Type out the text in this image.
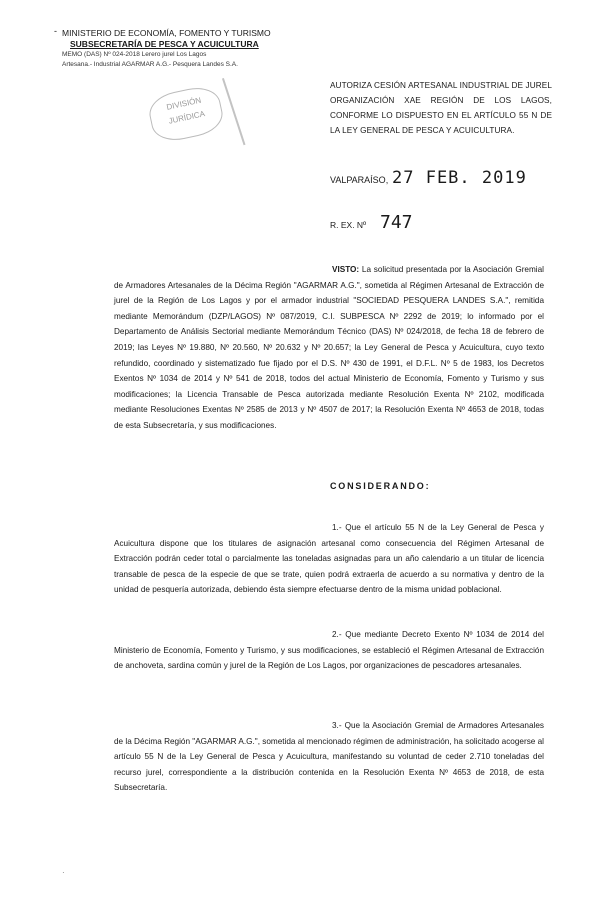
- MINISTERIO DE ECONOMÍA, FOMENTO Y TURISMO
SUBSECRETARÍA DE PESCA Y ACUICULTURA
MEMO (DAS) Nº 024-2018 Lerero jurel Los Lagos
Artesana.- Industrial AGARMAR A.G.- Pesquera Landes S.A.
DIVISIÓN
JURÍDICA
AUTORIZA CESIÓN ARTESANAL INDUSTRIAL DE JUREL ORGANIZACIÓN XAE REGIÓN DE LOS LAGOS, CONFORME LO DISPUESTO EN EL ARTÍCULO 55 N DE LA LEY GENERAL DE PESCA Y ACUICULTURA.
VALPARAÍSO, 27 FEB. 2019
R. EX. Nº 747
VISTO: La solicitud presentada por la Asociación Gremial de Armadores Artesanales de la Décima Región "AGARMAR A.G.", sometida al Régimen Artesanal de Extracción de jurel de la Región de Los Lagos y por el armador industrial "SOCIEDAD PESQUERA LANDES S.A.", remitida mediante Memorándum (DZP/LAGOS) Nº 087/2019, C.I. SUBPESCA Nº 2292 de 2019; lo informado por el Departamento de Análisis Sectorial mediante Memorándum Técnico (DAS) Nº 024/2018, de fecha 18 de febrero de 2019; las Leyes Nº 19.880, Nº 20.560, Nº 20.632 y Nº 20.657; la Ley General de Pesca y Acuicultura, cuyo texto refundido, coordinado y sistematizado fue fijado por el D.S. Nº 430 de 1991, el D.F.L. Nº 5 de 1983, los Decretos Exentos Nº 1034 de 2014 y Nº 541 de 2018, todos del actual Ministerio de Economía, Fomento y Turismo y sus modificaciones; la Licencia Transable de Pesca autorizada mediante Resolución Exenta Nº 2102, modificada mediante Resoluciones Exentas Nº 2585 de 2013 y Nº 4507 de 2017; la Resolución Exenta Nº 4653 de 2018, todas de esta Subsecretaría, y sus modificaciones.
CONSIDERANDO:
1.- Que el artículo 55 N de la Ley General de Pesca y Acuicultura dispone que los titulares de asignación artesanal como consecuencia del Régimen Artesanal de Extracción podrán ceder total o parcialmente las toneladas asignadas para un año calendario a un titular de licencia transable de pesca de la especie de que se trate, quien podrá extraerla de acuerdo a su normativa y dentro de la unidad de pesquería autorizada, debiendo ésta siempre efectuarse dentro de la misma unidad poblacional.
2.- Que mediante Decreto Exento Nº 1034 de 2014 del Ministerio de Economía, Fomento y Turismo, y sus modificaciones, se estableció el Régimen Artesanal de Extracción de anchoveta, sardina común y jurel de la Región de Los Lagos, por organizaciones de pescadores artesanales.
3.- Que la Asociación Gremial de Armadores Artesanales de la Décima Región "AGARMAR A.G.", sometida al mencionado régimen de administración, ha solicitado acogerse al artículo 55 N de la Ley General de Pesca y Acuicultura, manifestando su voluntad de ceder 2.710 toneladas del recurso jurel, correspondiente a la distribución contenida en la Resolución Exenta Nº 4653 de 2018, de esta Subsecretaría.
·
